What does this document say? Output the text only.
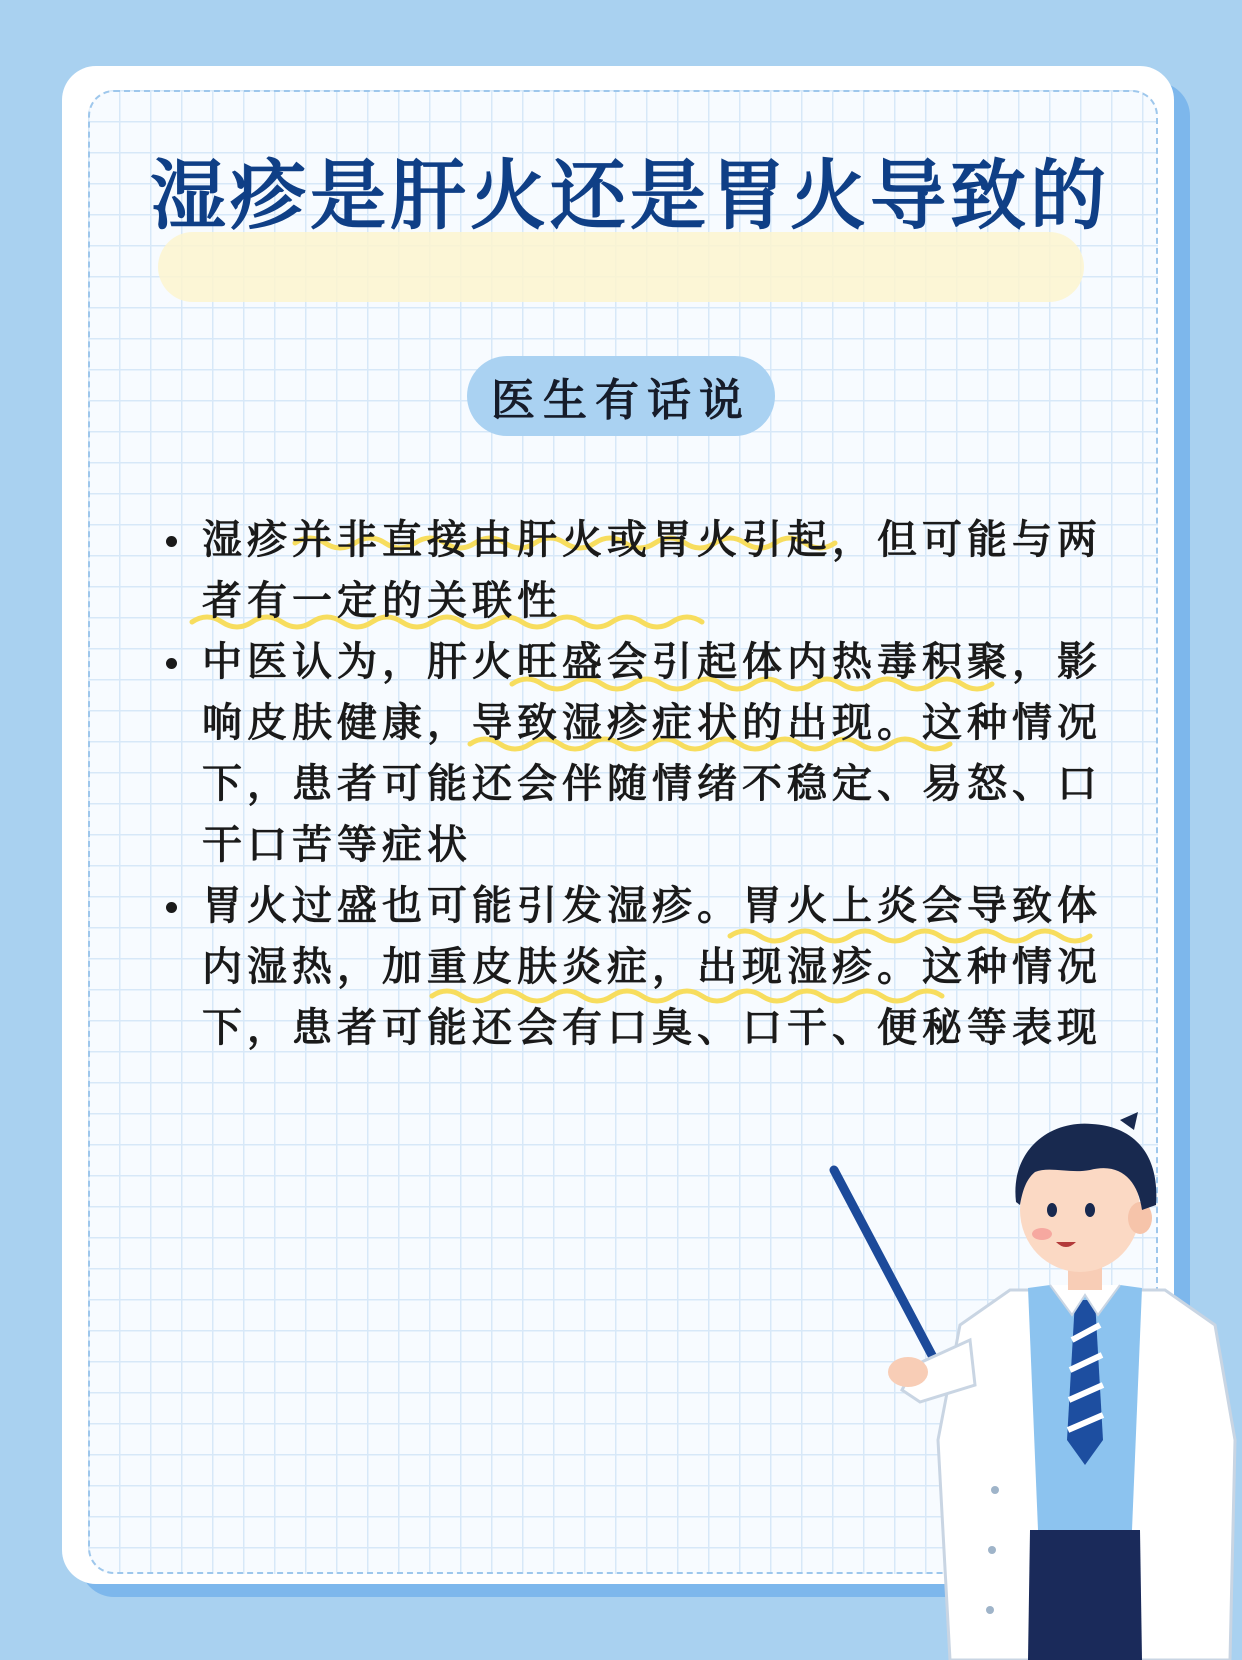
湿疹是肝火还是胃火导致的
医生有话说
湿疹并非直接由肝火或胃火引起，但可能与两者有一定的关联性
中医认为，肝火旺盛会引起体内热毒积聚，影响皮肤健康，导致湿疹症状的出现。这种情况下，患者可能还会伴随情绪不稳定、易怒、口干口苦等症状
胃火过盛也可能引发湿疹。胃火上炎会导致体内湿热，加重皮肤炎症，出现湿疹。这种情况下，患者可能还会有口臭、口干、便秘等表现
